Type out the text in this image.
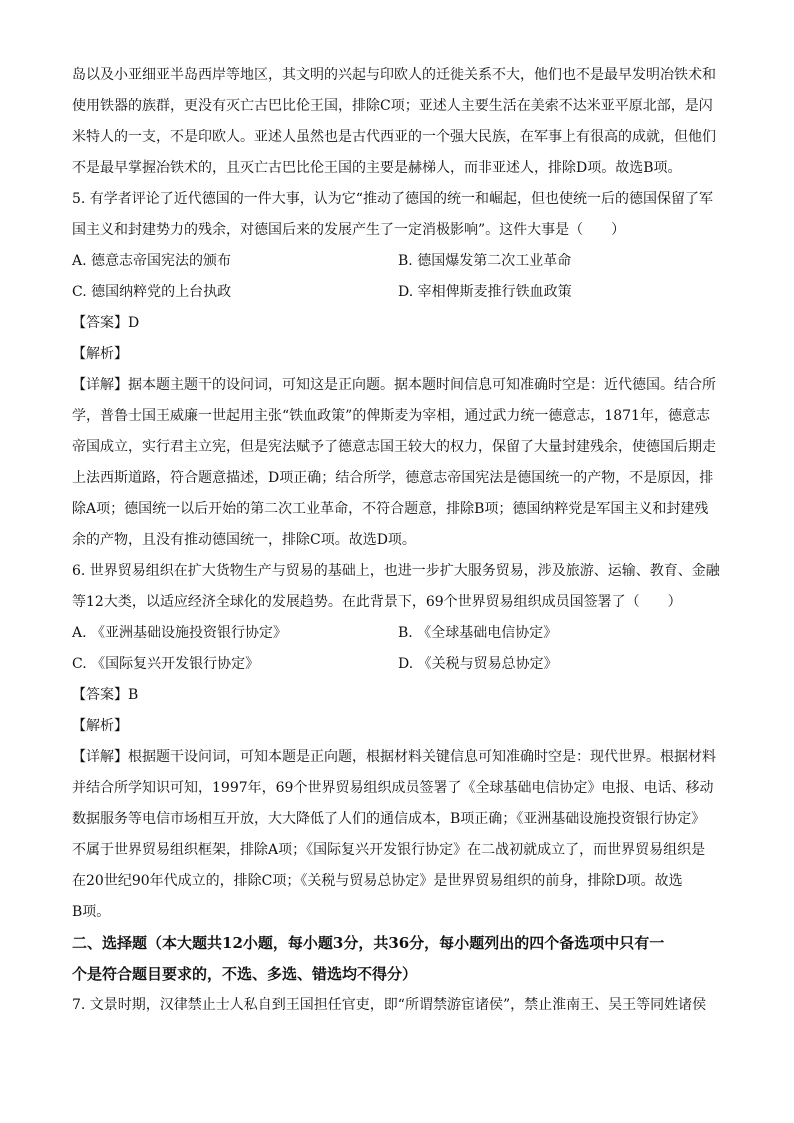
岛以及小亚细亚半岛西岸等地区，其文明的兴起与印欧人的迁徙关系不大，他们也不是最早发明冶铁术和
使用铁器的族群，更没有灭亡古巴比伦王国，排除C项；亚述人主要生活在美索不达米亚平原北部，是闪
米特人的一支，不是印欧人。亚述人虽然也是古代西亚的一个强大民族，在军事上有很高的成就，但他们
不是最早掌握冶铁术的，且灭亡古巴比伦王国的主要是赫梯人，而非亚述人，排除D项。故选B项。
5. 有学者评论了近代德国的一件大事，认为它“推动了德国的统一和崛起，但也使统一后的德国保留了军
国主义和封建势力的残余，对德国后来的发展产生了一定消极影响”。这件大事是（　　）
A. 德意志帝国宪法的颁布	B. 德国爆发第二次工业革命
C. 德国纳粹党的上台执政	D. 宰相俾斯麦推行铁血政策
【答案】D
【解析】
【详解】据本题主题干的设问词，可知这是正向题。据本题时间信息可知准确时空是：近代德国。结合所
学，普鲁士国王威廉一世起用主张“铁血政策”的俾斯麦为宰相，通过武力统一德意志，1871年，德意志
帝国成立，实行君主立宪，但是宪法赋予了德意志国王较大的权力，保留了大量封建残余，使德国后期走
上法西斯道路，符合题意描述，D项正确；结合所学，德意志帝国宪法是德国统一的产物，不是原因，排
除A项；德国统一以后开始的第二次工业革命，不符合题意，排除B项；德国纳粹党是军国主义和封建残
余的产物，且没有推动德国统一，排除C项。故选D项。
6. 世界贸易组织在扩大货物生产与贸易的基础上，也进一步扩大服务贸易，涉及旅游、运输、教育、金融
等12大类，以适应经济全球化的发展趋势。在此背景下，69个世界贸易组织成员国签署了（　　）
A. 《亚洲基础设施投资银行协定》	B. 《全球基础电信协定》
C. 《国际复兴开发银行协定》	D. 《关税与贸易总协定》
【答案】B
【解析】
【详解】根据题干设问词，可知本题是正向题，根据材料关键信息可知准确时空是：现代世界。根据材料
并结合所学知识可知，1997年，69个世界贸易组织成员签署了《全球基础电信协定》电报、电话、移动
数据服务等电信市场相互开放，大大降低了人们的通信成本，B项正确；《亚洲基础设施投资银行协定》
不属于世界贸易组织框架，排除A项；《国际复兴开发银行协定》在二战初就成立了，而世界贸易组织是
在20世纪90年代成立的，排除C项；《关税与贸易总协定》是世界贸易组织的前身，排除D项。故选
B项。
二、选择题（本大题共12小题，每小题3分，共36分，每小题列出的四个备选项中只有一
个是符合题目要求的，不选、多选、错选均不得分）
7. 文景时期，汉律禁止士人私自到王国担任官吏，即“所谓禁游宦诸侯”，禁止淮南王、吴王等同姓诸侯
